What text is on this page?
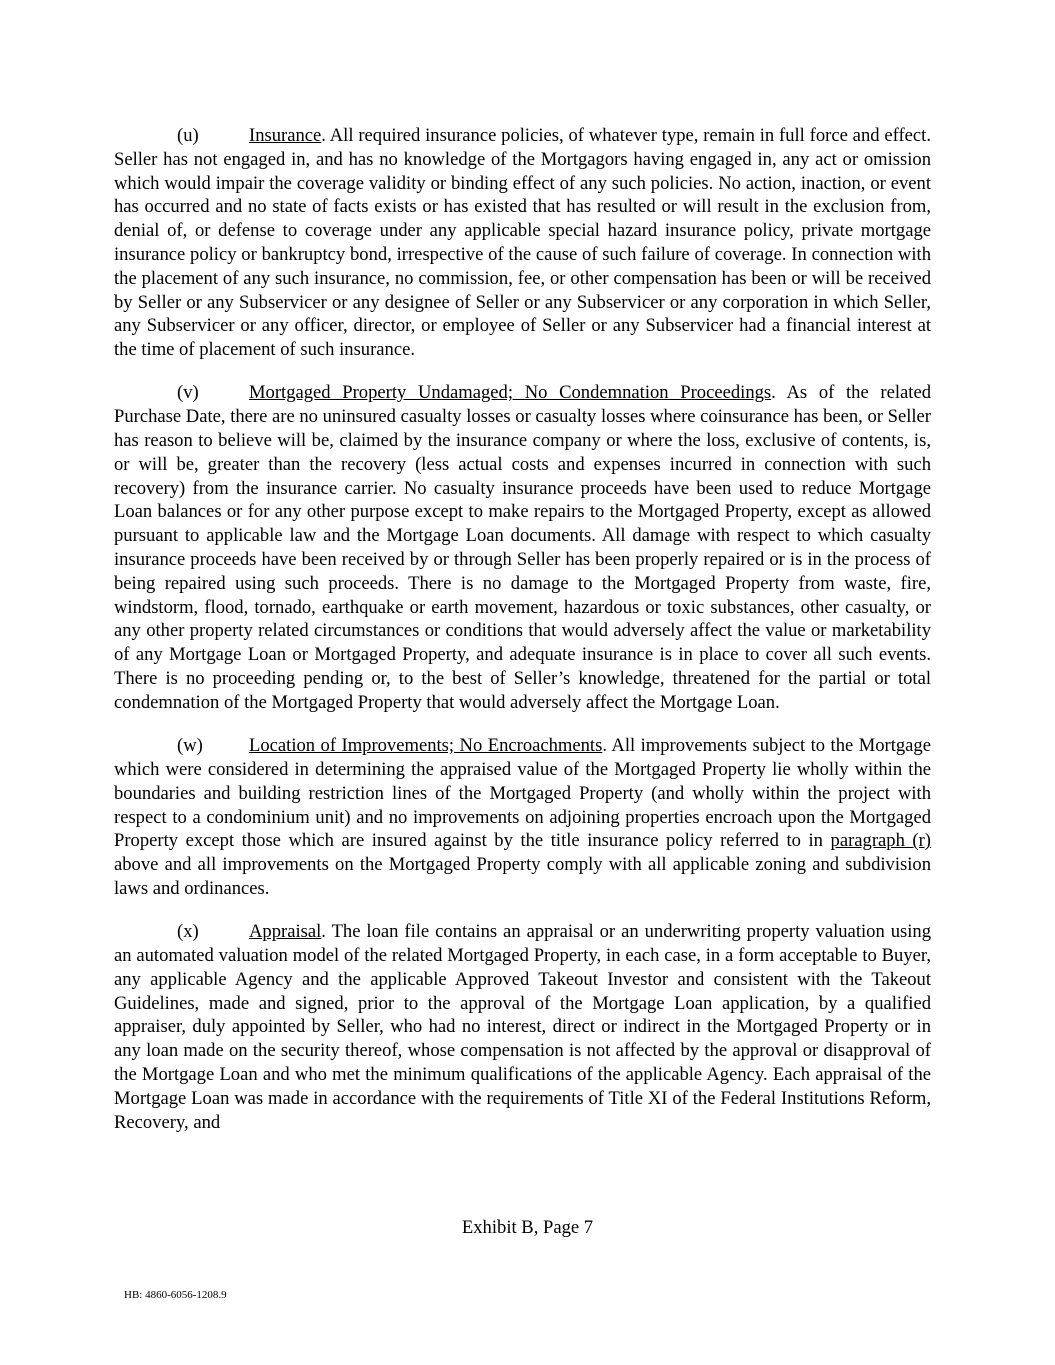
(u)	Insurance. All required insurance policies, of whatever type, remain in full force and effect. Seller has not engaged in, and has no knowledge of the Mortgagors having engaged in, any act or omission which would impair the coverage validity or binding effect of any such policies. No action, inaction, or event has occurred and no state of facts exists or has existed that has resulted or will result in the exclusion from, denial of, or defense to coverage under any applicable special hazard insurance policy, private mortgage insurance policy or bankruptcy bond, irrespective of the cause of such failure of coverage. In connection with the placement of any such insurance, no commission, fee, or other compensation has been or will be received by Seller or any Subservicer or any designee of Seller or any Subservicer or any corporation in which Seller, any Subservicer or any officer, director, or employee of Seller or any Subservicer had a financial interest at the time of placement of such insurance.

(v)	Mortgaged Property Undamaged; No Condemnation Proceedings. As of the related Purchase Date, there are no uninsured casualty losses or casualty losses where coinsurance has been, or Seller has reason to believe will be, claimed by the insurance company or where the loss, exclusive of contents, is, or will be, greater than the recovery (less actual costs and expenses incurred in connection with such recovery) from the insurance carrier. No casualty insurance proceeds have been used to reduce Mortgage Loan balances or for any other purpose except to make repairs to the Mortgaged Property, except as allowed pursuant to applicable law and the Mortgage Loan documents. All damage with respect to which casualty insurance proceeds have been received by or through Seller has been properly repaired or is in the process of being repaired using such proceeds. There is no damage to the Mortgaged Property from waste, fire, windstorm, flood, tornado, earthquake or earth movement, hazardous or toxic substances, other casualty, or any other property related circumstances or conditions that would adversely affect the value or marketability of any Mortgage Loan or Mortgaged Property, and adequate insurance is in place to cover all such events. There is no proceeding pending or, to the best of Seller’s knowledge, threatened for the partial or total condemnation of the Mortgaged Property that would adversely affect the Mortgage Loan.

(w) Location of Improvements; No Encroachments. All improvements subject to the Mortgage which were considered in determining the appraised value of the Mortgaged Property lie wholly within the boundaries and building restriction lines of the Mortgaged Property (and wholly within the project with respect to a condominium unit) and no improvements on adjoining properties encroach upon the Mortgaged Property except those which are insured against by the title insurance policy referred to in paragraph (r) above and all improvements on the Mortgaged Property comply with all applicable zoning and subdivision laws and ordinances.

(x)	Appraisal. The loan file contains an appraisal or an underwriting property valuation using an automated valuation model of the related Mortgaged Property, in each case, in a form acceptable to Buyer, any applicable Agency and the applicable Approved Takeout Investor and consistent with the Takeout Guidelines, made and signed, prior to the approval of the Mortgage Loan application, by a qualified appraiser, duly appointed by Seller, who had no interest, direct or indirect in the Mortgaged Property or in any loan made on the security thereof, whose compensation is not affected by the approval or disapproval of the Mortgage Loan and who met the minimum qualifications of the applicable Agency. Each appraisal of the Mortgage Loan was made in accordance with the requirements of Title XI of the Federal Institutions Reform, Recovery, and

Exhibit B, Page 7
HB: 4860-6056-1208.9
